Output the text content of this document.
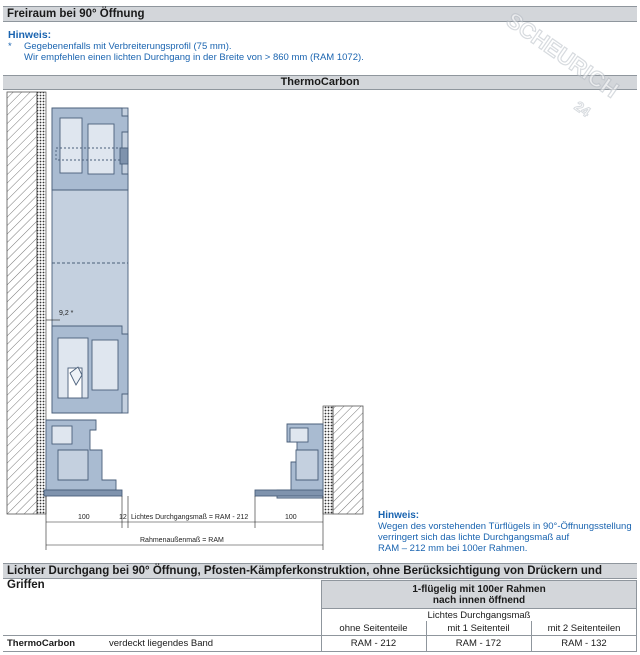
Freiraum bei 90° Öffnung
Hinweis:
*	Gegebenenfalls mit Verbreiterungsprofil (75 mm).
Wir empfehlen einen lichten Durchgang in der Breite von > 860 mm (RAM 1072).
ThermoCarbon
9,2 *
100	12 Lichtes Durchgangsmaß = RAM - 212	100
Rahmenaußenmaß = RAM
Hinweis:
Wegen des vorstehenden Türflügels in 90°-Öffnungsstellung
verringert sich das lichte Durchgangsmaß auf
RAM – 212 mm bei 100er Rahmen.
Lichter Durchgang bei 90° Öffnung, Pfosten-Kämpferkonstruktion, ohne Berücksichtigung von Drückern und Griffen	1-flügelig mit 100er Rahmen
nach innen öffnend
Lichtes Durchgangsmaß
ohne Seitenteile	mit 1 Seitenteil	mit 2 Seitenteilen
ThermoCarbon	verdeckt liegendes Band	RAM - 212	RAM - 172	RAM - 132
SCHEURICH
24
